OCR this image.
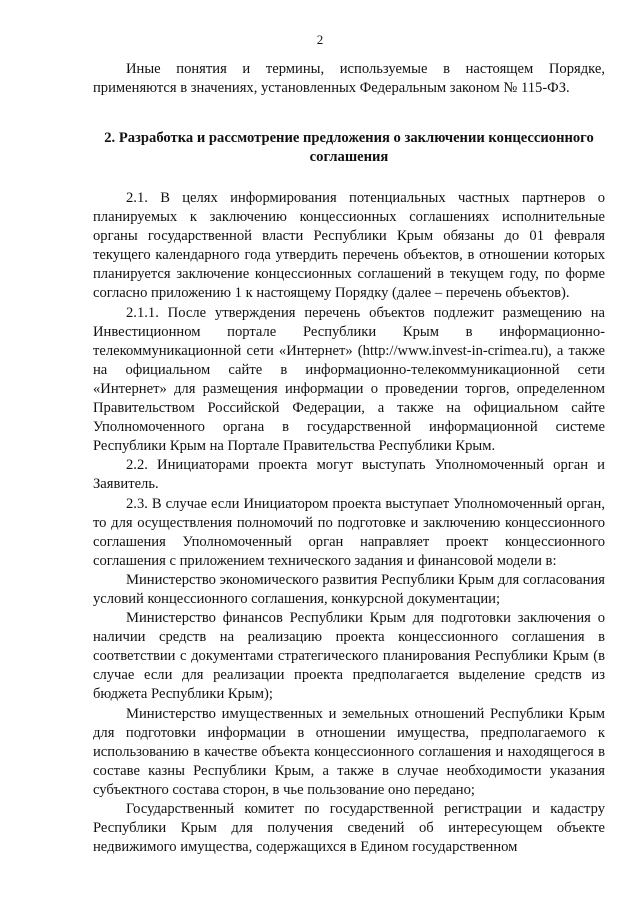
2

Иные понятия и термины, используемые в настоящем Порядке, применяются в значениях, установленных Федеральным законом № 115-ФЗ.

2. Разработка и рассмотрение предложения о заключении концессионного соглашения

2.1. В целях информирования потенциальных частных партнеров о планируемых к заключению концессионных соглашениях исполнительные органы государственной власти Республики Крым обязаны до 01 февраля текущего календарного года утвердить перечень объектов, в отношении которых планируется заключение концессионных соглашений в текущем году, по форме согласно приложению 1 к настоящему Порядку (далее – перечень объектов).

2.1.1. После утверждения перечень объектов подлежит размещению на Инвестиционном портале Республики Крым в информационно-телекоммуникационной сети «Интернет» (http://www.invest-in-crimea.ru), а также на официальном сайте в информационно-телекоммуникационной сети «Интернет» для размещения информации о проведении торгов, определенном Правительством Российской Федерации, а также на официальном сайте Уполномоченного органа в государственной информационной системе Республики Крым на Портале Правительства Республики Крым.

2.2. Инициаторами проекта могут выступать Уполномоченный орган и Заявитель.

2.3. В случае если Инициатором проекта выступает Уполномоченный орган, то для осуществления полномочий по подготовке и заключению концессионного соглашения Уполномоченный орган направляет проект концессионного соглашения с приложением технического задания и финансовой модели в:

Министерство экономического развития Республики Крым для согласования условий концессионного соглашения, конкурсной документации;

Министерство финансов Республики Крым для подготовки заключения о наличии средств на реализацию проекта концессионного соглашения в соответствии с документами стратегического планирования Республики Крым (в случае если для реализации проекта предполагается выделение средств из бюджета Республики Крым);

Министерство имущественных и земельных отношений Республики Крым для подготовки информации в отношении имущества, предполагаемого к использованию в качестве объекта концессионного соглашения и находящегося в составе казны Республики Крым, а также в случае необходимости указания субъектного состава сторон, в чье пользование оно передано;

Государственный комитет по государственной регистрации и кадастру Республики Крым для получения сведений об интересующем объекте недвижимого имущества, содержащихся в Едином государственном
